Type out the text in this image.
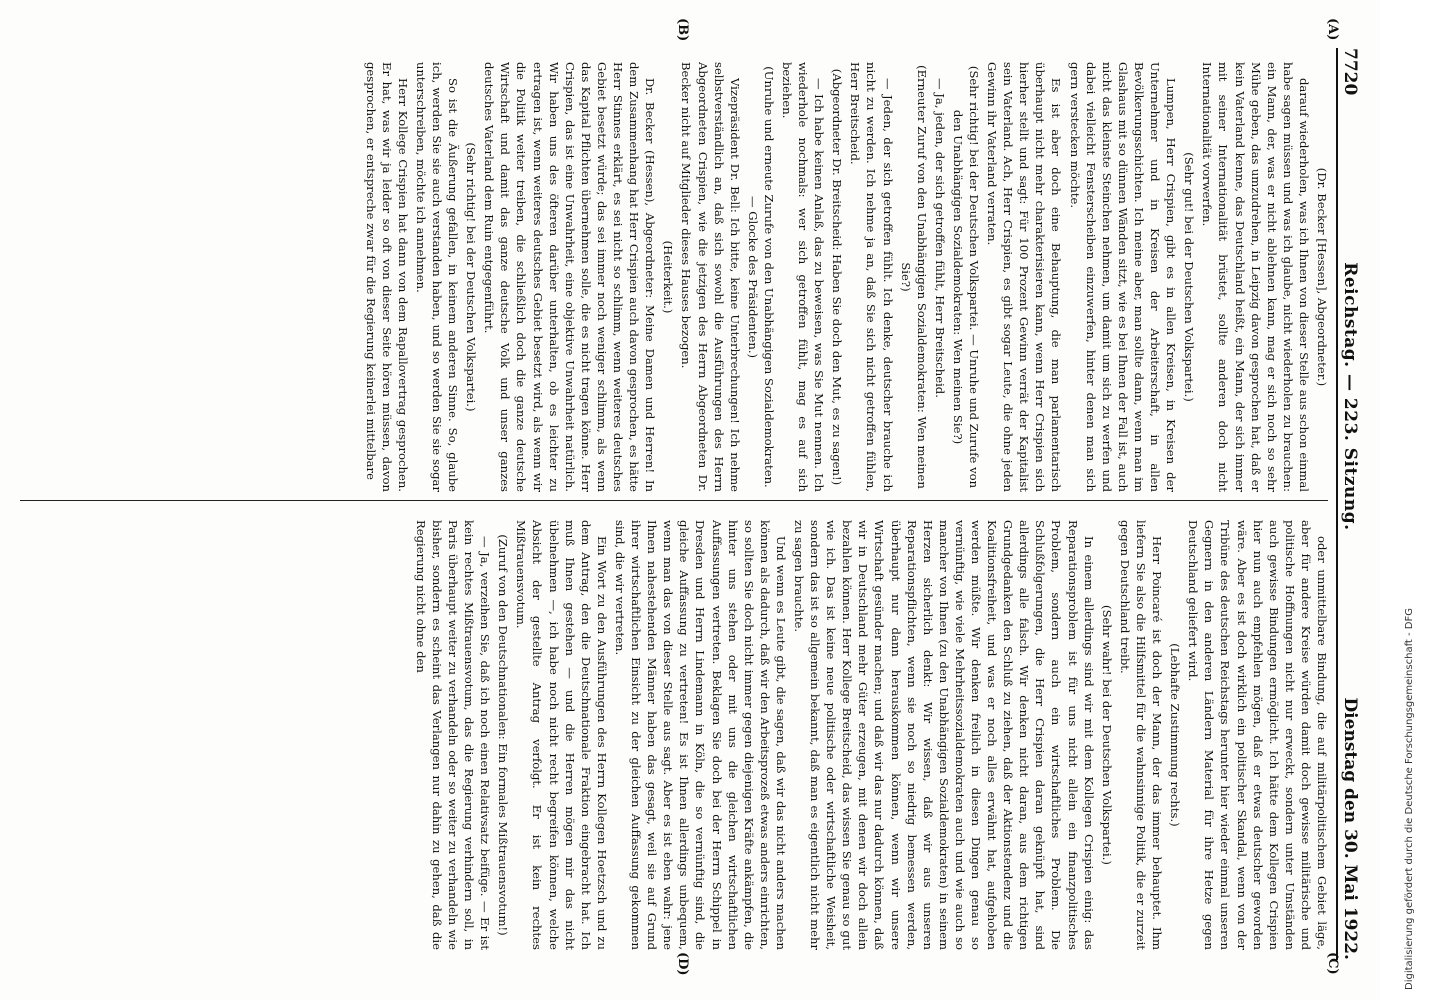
7720
Reichstag. — 223. Sitzung.
Dienstag den 30. Mai 1922.
(A)
(B)
(C)
(D)

(Dr. Becker [Hessen], Abgeordneter.)

darauf wiederholen, was ich Ihnen von dieser Stelle aus schon einmal habe sagen müssen und was ich glaube, nicht wiederholen zu brauchen: ein Mann, der, was er nicht ablehnen kann, mag er sich noch so sehr Mühe geben, das umzudrehen, in Leipzig davon gesprochen hat, daß er kein Vaterland kenne, das Deutschland heißt, ein Mann, der sich immer mit seiner Internationalität brüstet, sollte anderen doch nicht Internationalität vorwerfen.

(Sehr gut! bei der Deutschen Volkspartei.)

Lumpen, Herr Crispien, gibt es in allen Kreisen, in Kreisen der Unternehmer und in Kreisen der Arbeiterschaft, in allen Bevölkerungsschichten. Ich meine aber, man sollte dann, wenn man im Glashaus mit so dünnen Wänden sitzt, wie es bei Ihnen der Fall ist, auch nicht das kleinste Steinchen nehmen, um damit um sich zu werfen und dabei vielleicht Fensterscheiben einzuwerfen, hinter denen man sich gern verstecken möchte.

Es ist aber doch eine Behauptung, die man parlamentarisch überhaupt nicht mehr charakterisieren kann, wenn Herr Crispien sich hierher stellt und sagt: Für 100 Prozent Gewinn verrät der Kapitalist sein Vaterland. Ach, Herr Crispien, es gibt sogar Leute, die ohne jeden Gewinn ihr Vaterland verraten.

(Sehr richtig! bei der Deutschen Volkspartei. — Unruhe und Zurufe von den Unabhängigen Sozialdemokraten: Wen meinen Sie?)

— Ja, jeden, der sich getroffen fühlt, Herr Breitscheid.

(Erneuter Zuruf von den Unabhängigen Sozialdemokraten: Wen meinen Sie?)

— Jeden, der sich getroffen fühlt. Ich denke, deutscher brauche ich nicht zu werden. Ich nehme ja an, daß Sie sich nicht getroffen fühlen, Herr Breitscheid.

(Abgeordneter Dr. Breitscheid: Haben Sie doch den Mut, es zu sagen!)

— Ich habe keinen Anlaß, das zu beweisen, was Sie Mut nennen. Ich wiederhole nochmals: wer sich getroffen fühlt, mag es auf sich beziehen.

(Unruhe und erneute Zurufe von den Unabhängigen Sozialdemokraten. — Glocke des Präsidenten.)

Vizepräsident Dr. Bell: Ich bitte, keine Unterbrechungen! Ich nehme selbstverständlich an, daß sich sowohl die Ausführungen des Herrn Abgeordneten Crispien, wie die jetzigen des Herrn Abgeordneten Dr. Becker nicht auf Mitglieder dieses Hauses bezogen.

(Heiterkeit.)

Dr. Becker (Hessen), Abgeordneter: Meine Damen und Herren! In dem Zusammenhang hat Herr Crispien auch davon gesprochen, es hätte Herr Stinnes erklärt, es sei nicht so schlimm, wenn weiteres deutsches Gebiet besetzt würde; das sei immer noch weniger schlimm, als wenn das Kapital Pflichten übernehmen solle, die es nicht tragen könne. Herr Crispien, das ist eine Unwahrheit, eine objektive Unwahrheit natürlich. Wir haben uns des öfteren darüber unterhalten, ob es leichter zu ertragen ist, wenn weiteres deutsches Gebiet besetzt wird, als wenn wir die Politik weiter treiben, die schließlich doch die ganze deutsche Wirtschaft und damit das ganze deutsche Volk und unser ganzes deutsches Vaterland dem Ruin entgegenführt.

(Sehr richtig! bei der Deutschen Volkspartei.)

So ist die Äußerung gefallen, in keinem anderen Sinne. So, glaube ich, werden Sie sie auch verstanden haben, und so werden Sie sie sogar unterschreiben, möchte ich annehmen.

Herr Kollege Crispien hat dann von dem Rapallovertrag gesprochen. Er hat, was wir ja leider so oft von dieser Seite hören müssen, davon gesprochen, er entspreche zwar für die Regierung keinerlei mittelbare

oder unmittelbare Bindung, die auf militärpolitischem Gebiet läge, aber für andere Kreise würden damit doch gewisse militärische und politische Hoffnungen nicht nur erweckt, sondern unter Umständen auch gewisse Bindungen ermöglicht. Ich hätte dem Kollegen Crispien hier nun auch empfehlen mögen, daß er etwas deutscher geworden wäre. Aber es ist doch wirklich ein politischer Skandal, wenn von der Tribüne des deutschen Reichstags herunter hier wieder einmal unseren Gegnern in den anderen Ländern Material für ihre Hetze gegen Deutschland geliefert wird.

(Lebhafte Zustimmung rechts.)

Herr Poincaré ist doch der Mann, der das immer behauptet. Ihm liefern Sie also die Hilfsmittel für die wahnsinnige Politik, die er zurzeit gegen Deutschland treibt.

(Sehr wahr! bei der Deutschen Volkspartei.)

In einem allerdings sind wir mit dem Kollegen Crispien einig: das Reparationsproblem ist für uns nicht allein ein finanzpolitisches Problem, sondern auch ein wirtschaftliches Problem. Die Schlußfolgerungen, die Herr Crispien daran geknüpft hat, sind allerdings alle falsch. Wir denken nicht daran, aus dem richtigen Grundgedanken den Schluß zu ziehen, daß der Aktionstendenz und die Koalitionsfreiheit, und was er noch alles erwähnt hat, aufgehoben werden müßte. Wir denken freilich in diesen Dingen genau so vernünftig, wie viele Mehrheitssozialdemokraten auch und wie auch so mancher von Ihnen (zu den Unabhängigen Sozialdemokraten) in seinem Herzen sicherlich denkt: Wir wissen, daß wir aus unseren Reparationspflichten, wenn sie noch so niedrig bemessen werden, überhaupt nur dann herauskommen können, wenn wir unsere Wirtschaft gesünder machen; und daß wir das nur dadurch können, daß wir in Deutschland mehr Güter erzeugen, mit denen wir doch allein bezahlen können. Herr Kollege Breitscheid, das wissen Sie genau so gut wie ich. Das ist keine neue politische oder wirtschaftliche Weisheit, sondern das ist so allgemein bekannt, daß man es eigentlich nicht mehr zu sagen brauchte.

Und wenn es Leute gibt, die sagen, daß wir das nicht anders machen können als dadurch, daß wir den Arbeitsprozeß etwas anders einrichten, so sollten Sie doch nicht immer gegen diejenigen Kräfte ankämpfen, die hinter uns stehen oder mit uns die gleichen wirtschaftlichen Auffassungen vertreten. Beklagen Sie doch bei der Herrn Schippel in Dresden und Herrn Lindemann in Köln, die so vernünftig sind, die gleiche Auffassung zu vertreten! Es ist Ihnen allerdings unbequem, wenn man das von dieser Stelle aus sagt. Aber es ist eben wahr: jene Ihnen nahestehenden Männer haben das gesagt, weil sie auf Grund ihrer wirtschaftlichen Einsicht zu der gleichen Auffassung gekommen sind, die wir vertreten.

Ein Wort zu den Ausführungen des Herrn Kollegen Hoetzsch und zu dem Antrag, den die Deutschnationale Fraktion eingebracht hat. Ich muß Ihnen gestehen — und die Herren mögen mir das nicht übelnehmen —, ich habe noch nicht recht begreifen können, welche Absicht der gestellte Antrag verfolgt. Er ist kein rechtes Mißtrauensvotum.

(Zuruf von den Deutschnationalen: Ein formales Mißtrauensvotum!)

— Ja, verzeihen Sie, daß ich noch einen Relativsatz beifüge. — Er ist kein rechtes Mißtrauensvotum, das die Regierung verhindern soll, in Paris überhaupt weiter zu verhandeln oder so weiter zu verhandeln wie bisher, sondern es scheint das Verlangen nur dahin zu gehen, daß die Regierung nicht ohne den

Digitalisierung gefördert durch die Deutsche Forschungsgemeinschaft - DFG
